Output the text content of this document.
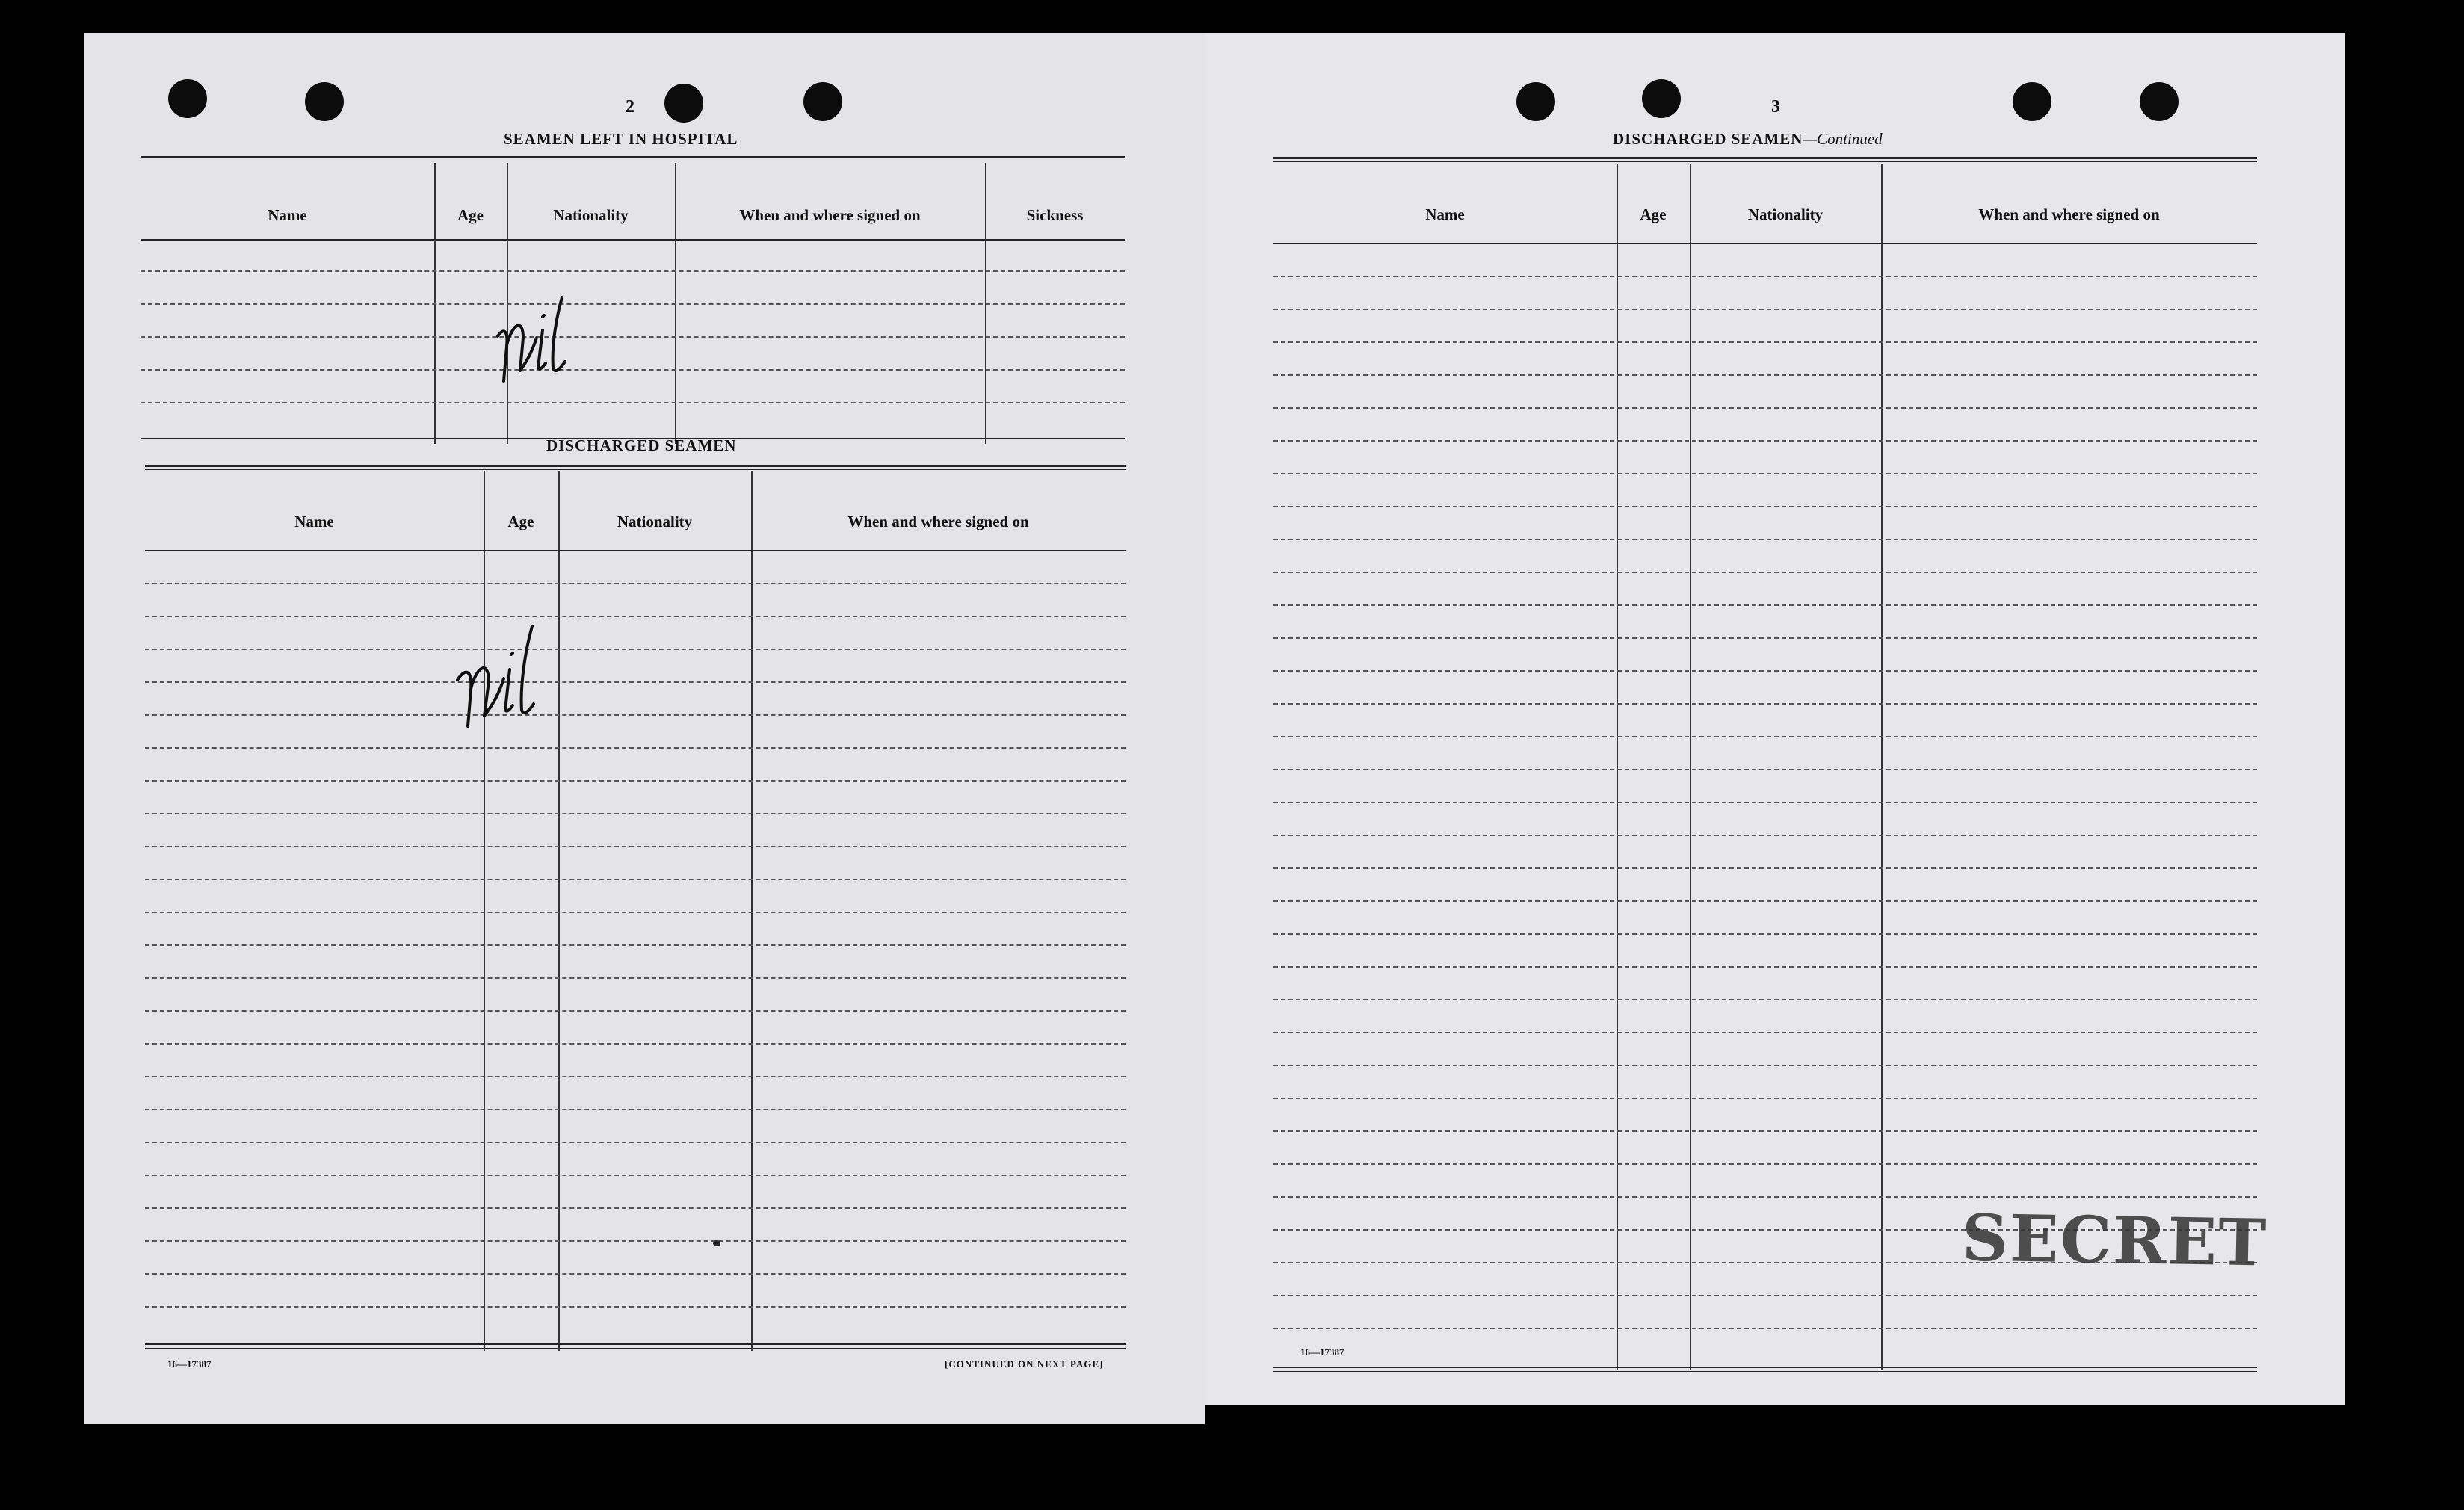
2
SEAMEN LEFT IN HOSPITAL
Name	Age	Nationality	When and where signed on	Sickness
DISCHARGED SEAMEN
Name	Age	Nationality	When and where signed on
16—17387	[CONTINUED ON NEXT PAGE]
3
DISCHARGED SEAMEN—Continued
Name	Age	Nationality	When and where signed on
SECRET
16—17387
